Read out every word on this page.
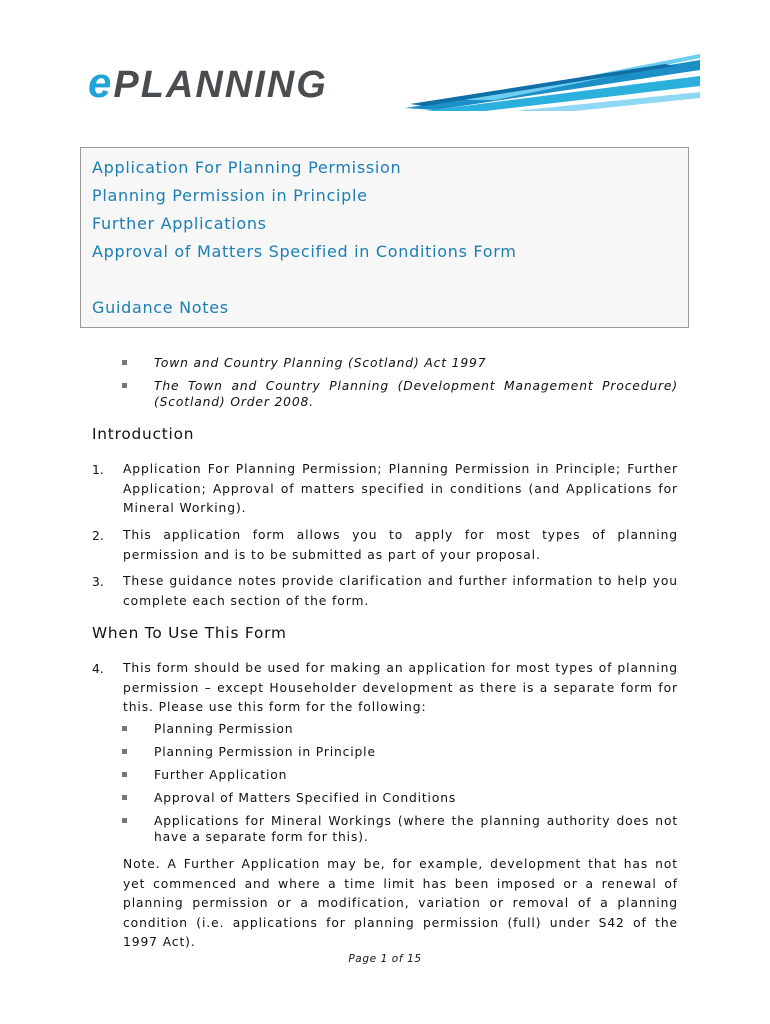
ePLANNING
Application For Planning Permission
Planning Permission in Principle
Further Applications
Approval of Matters Specified in Conditions Form
Guidance Notes
Town and Country Planning (Scotland) Act 1997
The Town and Country Planning (Development Management Procedure) (Scotland) Order 2008.
Introduction
1. Application For Planning Permission; Planning Permission in Principle; Further Application; Approval of matters specified in conditions (and Applications for Mineral Working).
2. This application form allows you to apply for most types of planning permission and is to be submitted as part of your proposal.
3. These guidance notes provide clarification and further information to help you complete each section of the form.
When To Use This Form
4. This form should be used for making an application for most types of planning permission – except Householder development as there is a separate form for this. Please use this form for the following:
Planning Permission
Planning Permission in Principle
Further Application
Approval of Matters Specified in Conditions
Applications for Mineral Workings (where the planning authority does not have a separate form for this).

Note. A Further Application may be, for example, development that has not yet commenced and where a time limit has been imposed or a renewal of planning permission or a modification, variation or removal of a planning condition (i.e. applications for planning permission (full) under S42 of the 1997 Act).

Page 1 of 15
